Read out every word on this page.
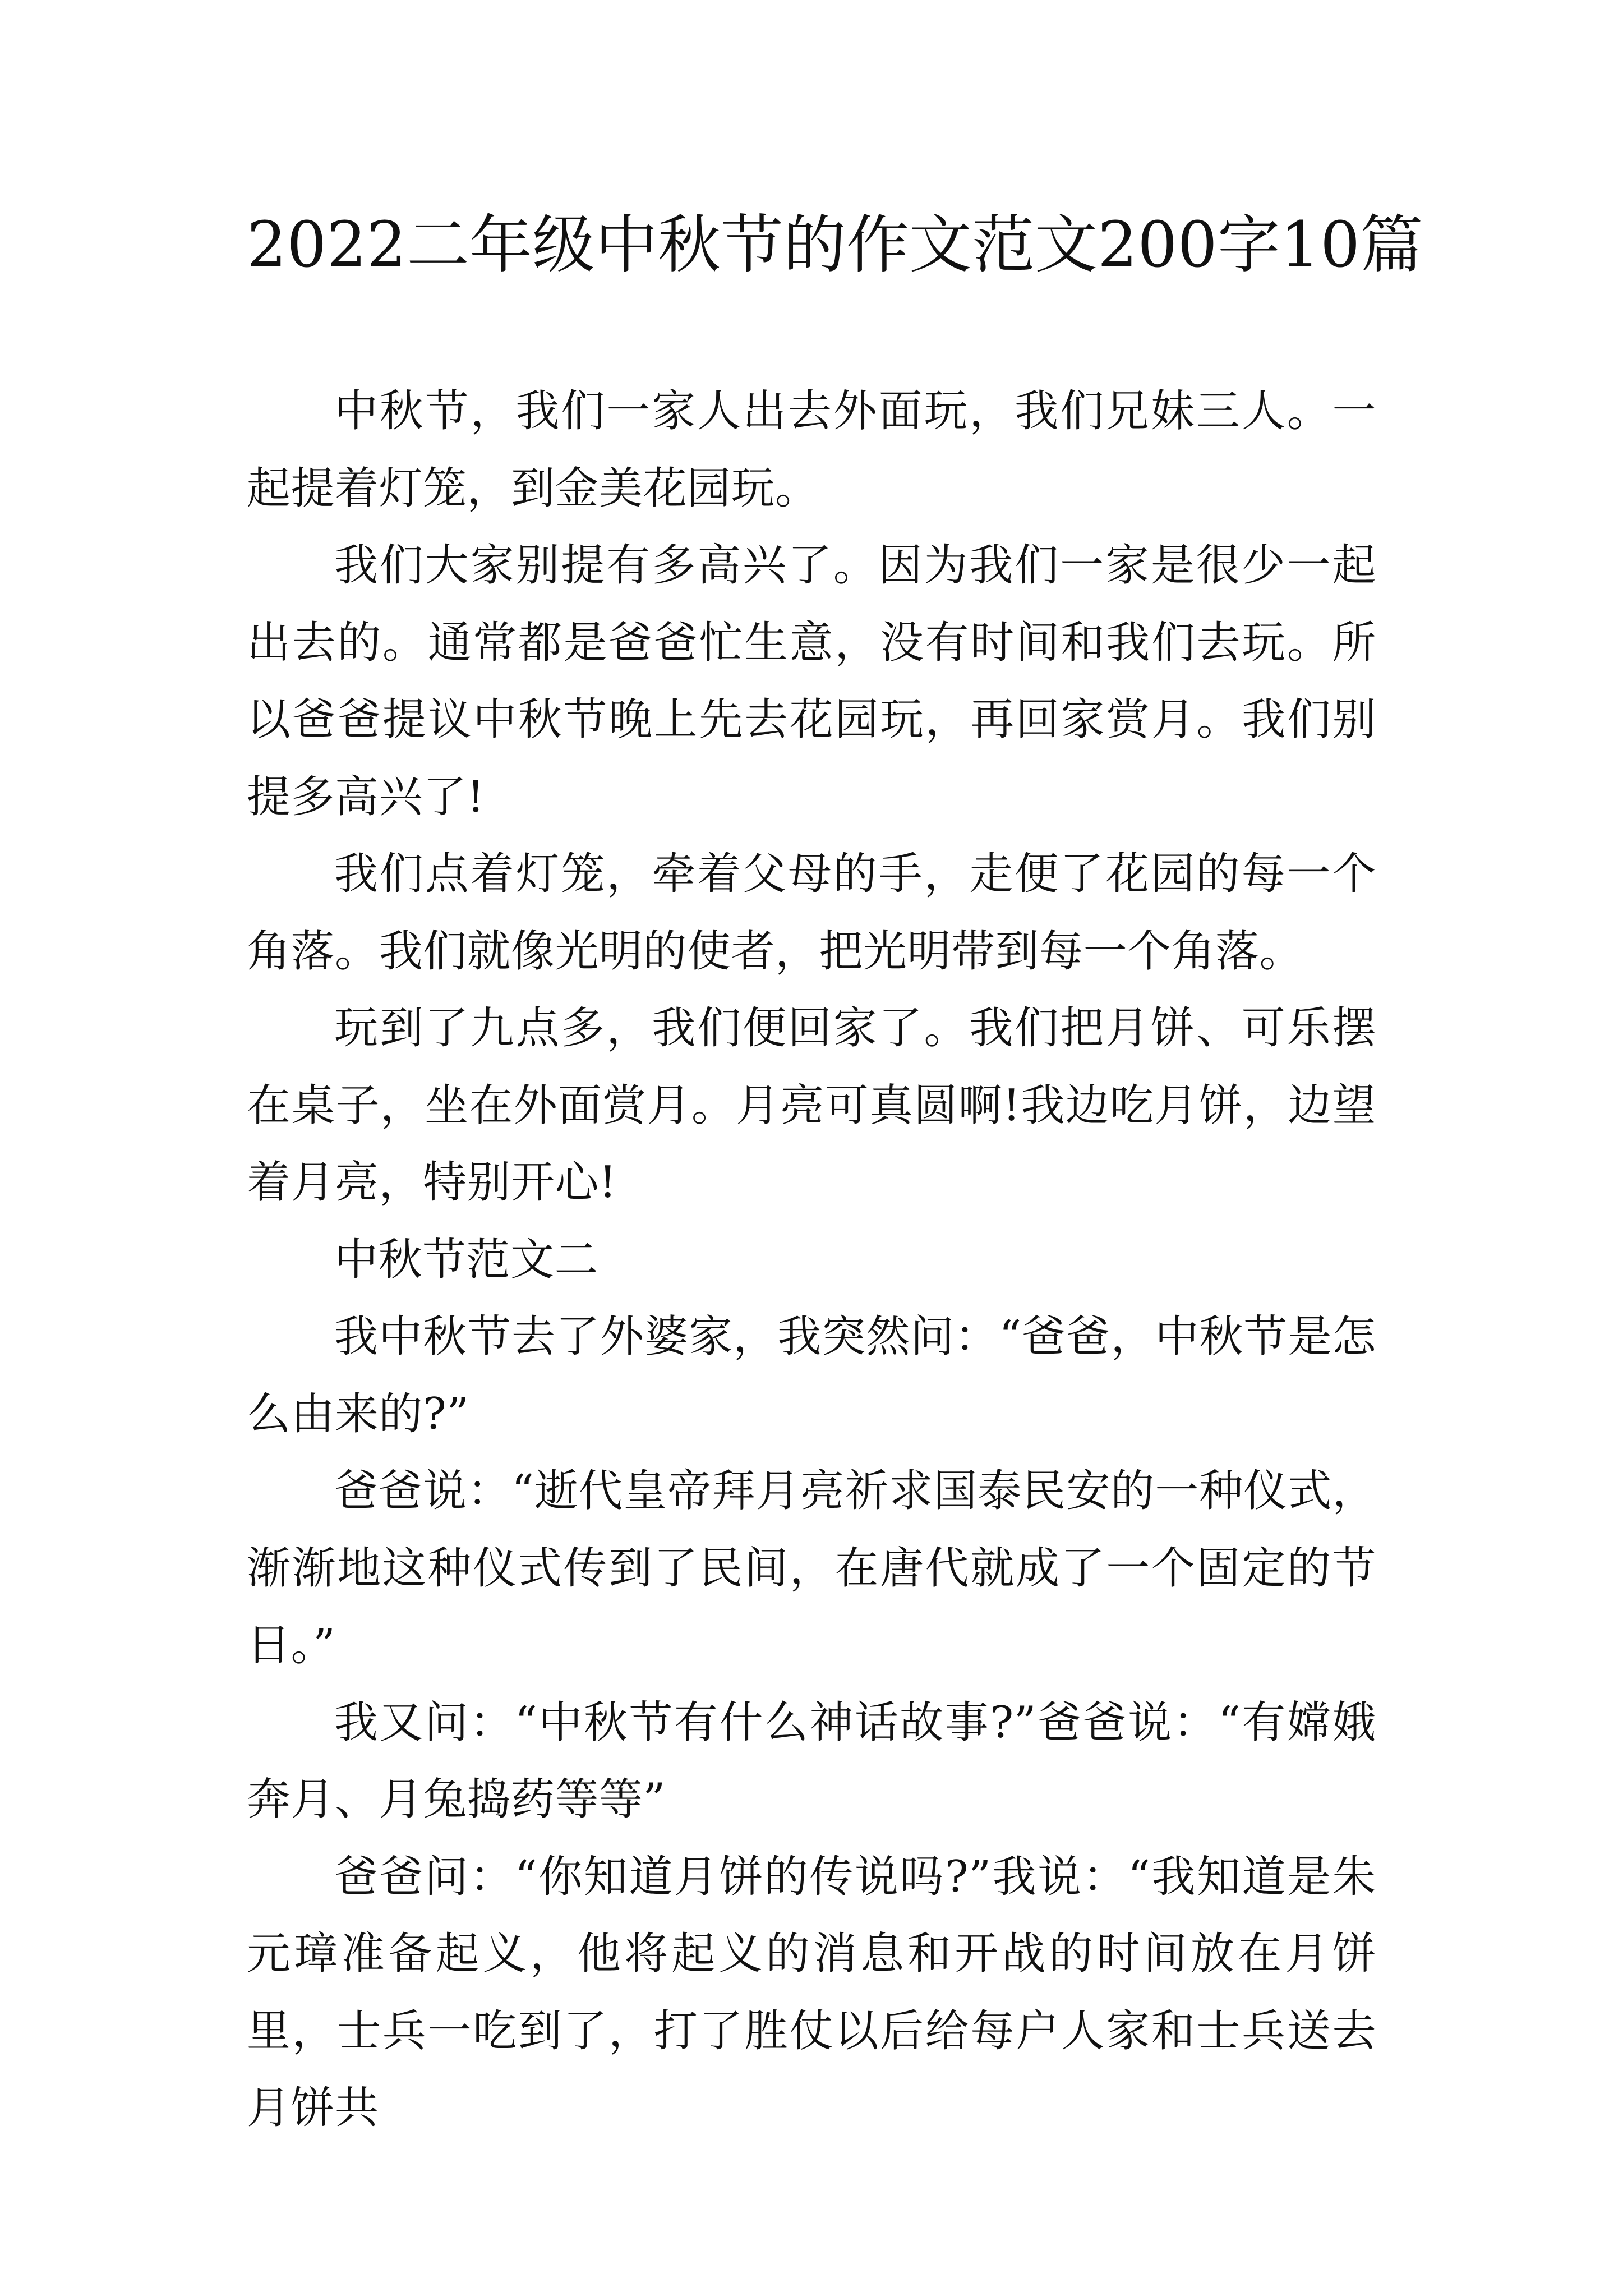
2022二年级中秋节的作文范文200字10篇

中秋节，我们一家人出去外面玩，我们兄妹三人。一起提着灯笼，到金美花园玩。

我们大家别提有多高兴了。因为我们一家是很少一起出去的。通常都是爸爸忙生意，没有时间和我们去玩。所以爸爸提议中秋节晚上先去花园玩，再回家赏月。我们别提多高兴了!

我们点着灯笼，牵着父母的手，走便了花园的每一个角落。我们就像光明的使者，把光明带到每一个角落。

玩到了九点多，我们便回家了。我们把月饼、可乐摆在桌子，坐在外面赏月。月亮可真圆啊!我边吃月饼，边望着月亮，特别开心!

中秋节范文二

我中秋节去了外婆家，我突然问：“爸爸，中秋节是怎么由来的?”

爸爸说：“逝代皇帝拜月亮祈求国泰民安的一种仪式，渐渐地这种仪式传到了民间，在唐代就成了一个固定的节日。”

我又问：“中秋节有什么神话故事?”爸爸说：“有嫦娥奔月、月兔捣药等等”

爸爸问：“你知道月饼的传说吗?”我说：“我知道是朱元璋准备起义，他将起义的消息和开战的时间放在月饼里，士兵一吃到了，打了胜仗以后给每户人家和士兵送去月饼共
